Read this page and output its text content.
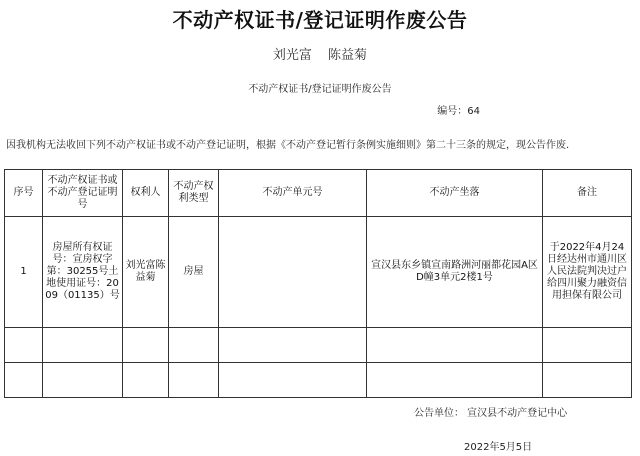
不动产权证书/登记证明作废公告
刘光富 陈益菊
不动产权证书/登记证明作废公告
编号：64
因我机构无法收回下列不动产权证书或不动产登记证明，根据《不动产登记暂行条例实施细则》第二十三条的规定，现公告作废.
序号	不动产权证书或不动产登记证明号	权利人	不动产权利类型	不动产单元号	不动产坐落	备注
1	房屋所有权证号：宣房权字第：30255号土地使用证号：2009（01135）号	刘光富陈益菊	房屋		宣汉县东乡镇宣南路洲河丽都花园A区D幢3单元2楼1号	于2022年4月24日经达州市通川区人民法院判决过户给四川聚力融资信用担保有限公司

公告单位： 宣汉县不动产登记中心
2022年5月5日
